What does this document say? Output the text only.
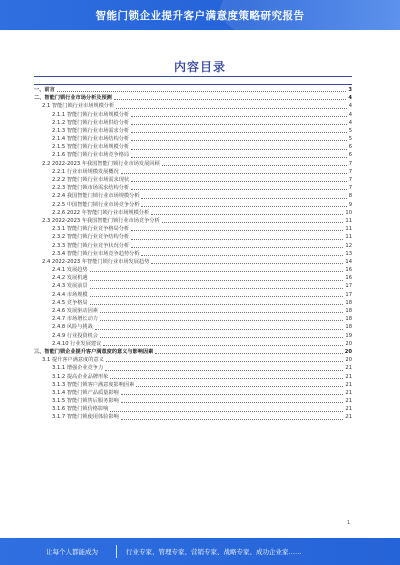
智能门锁企业提升客户满意度策略研究报告
内容目录
一、前言	3
二、智能门锁行业市场分析及预测	4
2.1 智能门锁行业市场规模分析	4
2.1.1 智能门锁行业市场规模分析	4
2.1.2 智能门锁行业市场供给分析	4
2.1.3 智能门锁行业市场需求分析	5
2.1.4 智能门锁行业市场结构分析	5
2.1.5 智能门锁行业市场规模分析	6
2.1.6 智能门锁行业市场竞争格局	6
2.2 2022-2023 年我国智能门锁行业市场发展回顾	7
2.2.1 行业市场规模发展概况	7
2.2.2 智能门锁行业市场需求现状	7
2.2.3 智能门锁市场需求结构分析	7
2.2.4 我国智能门锁行业市场规模分析	8
2.2.5 中国智能门锁行业市场竞争分析	9
2.2.6 2022 年智能门锁行业市场规模分析	10
2.3 2022-2023 年我国智能门锁行业市场竞争分析	11
2.3.1 智能门锁行业竞争格局分析	11
2.3.2 智能门锁行业竞争结构分析	11
2.3.3 智能门锁行业竞争状况分析	12
2.3.4 智能门锁行业市场竞争趋势分析	13
2.4 2022-2023 年智能门锁行业市场发展趋势	14
2.4.1 发展趋势	16
2.4.2 发展机遇	16
2.4.3 发展前景	17
2.4.4 市场规模	17
2.4.5 竞争格局	18
2.4.6 发展驱动因素	18
2.4.7 市场增长动力	18
2.4.8 风险与挑战	18
2.4.9 行业投资机会	19
2.4.10 行业发展建议	20
三、智能门锁企业提升客户满意度的意义与影响因素	20
3.1 提升客户满意度的意义	20
3.1.1 增强企业竞争力	21
3.1.2 提高企业品牌形象	21
3.1.3 智能门锁客户满意度影响因素	21
3.1.4 智能门锁产品质量影响	21
3.1.5 智能门锁售后服务影响	21
3.1.6 智能门锁价格影响	21
3.1.7 智能门锁使用体验影响	21
1
让每个人都能成为	行业专家、管理专家、营销专家、战略专家、成功企业家……
